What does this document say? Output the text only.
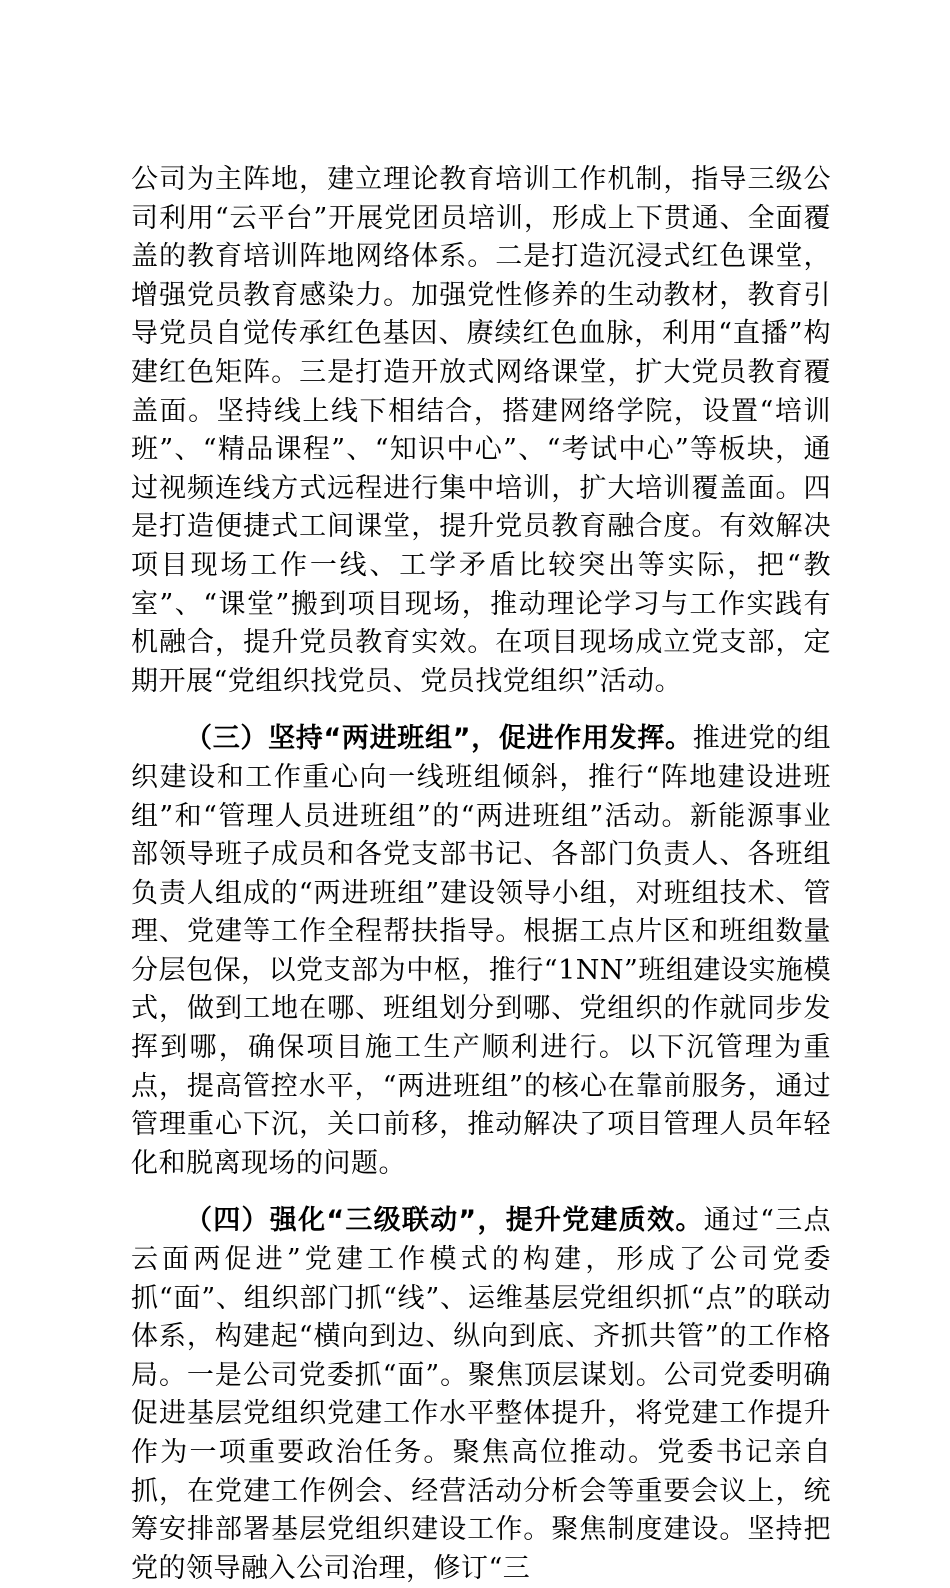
公司为主阵地，建立理论教育培训工作机制，指导三级公司利用“云平台”开展党团员培训，形成上下贯通、全面覆盖的教育培训阵地网络体系。二是打造沉浸式红色课堂，增强党员教育感染力。加强党性修养的生动教材，教育引导党员自觉传承红色基因、赓续红色血脉，利用“直播”构建红色矩阵。三是打造开放式网络课堂，扩大党员教育覆盖面。坚持线上线下相结合，搭建网络学院，设置“培训班”、“精品课程”、“知识中心”、“考试中心”等板块，通过视频连线方式远程进行集中培训，扩大培训覆盖面。四是打造便捷式工间课堂，提升党员教育融合度。有效解决项目现场工作一线、工学矛盾比较突出等实际，把“教室”、“课堂”搬到项目现场，推动理论学习与工作实践有机融合，提升党员教育实效。在项目现场成立党支部，定期开展“党组织找党员、党员找党组织”活动。

（三）坚持“两进班组”，促进作用发挥。推进党的组织建设和工作重心向一线班组倾斜，推行“阵地建设进班组”和“管理人员进班组”的“两进班组”活动。新能源事业部领导班子成员和各党支部书记、各部门负责人、各班组负责人组成的“两进班组”建设领导小组，对班组技术、管理、党建等工作全程帮扶指导。根据工点片区和班组数量分层包保，以党支部为中枢，推行“1NN”班组建设实施模式，做到工地在哪、班组划分到哪、党组织的作就同步发挥到哪，确保项目施工生产顺利进行。以下沉管理为重点，提高管控水平，“两进班组”的核心在靠前服务，通过管理重心下沉，关口前移，推动解决了项目管理人员年轻化和脱离现场的问题。

（四）强化“三级联动”，提升党建质效。通过“三点云面两促进”党建工作模式的构建，形成了公司党委抓“面”、组织部门抓“线”、运维基层党组织抓“点”的联动体系，构建起“横向到边、纵向到底、齐抓共管”的工作格局。一是公司党委抓“面”。聚焦顶层谋划。公司党委明确促进基层党组织党建工作水平整体提升，将党建工作提升作为一项重要政治任务。聚焦高位推动。党委书记亲自抓，在党建工作例会、经营活动分析会等重要会议上，统筹安排部署基层党组织建设工作。聚焦制度建设。坚持把党的领导融入公司治理，修订“三
